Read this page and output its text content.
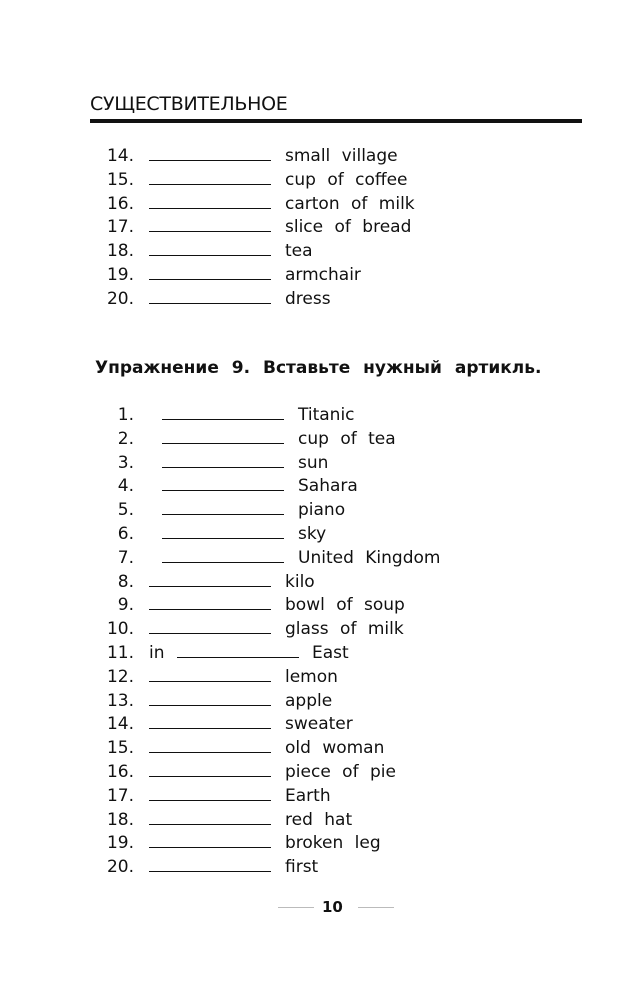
СУЩЕСТВИТЕЛЬНОЕ
14.	small village
15.	cup of coffee
16.	carton of milk
17.	slice of bread
18.	tea
19.	armchair
20.	dress
Упражнение 9. Вставьте нужный артикль.
1.	Titanic
2.	cup of tea
3.	sun
4.	Sahara
5.	piano
6.	sky
7.	United Kingdom
8.	kilo
9.	bowl of soup
10.	glass of milk
11. in	East
12.	lemon
13.	apple
14.	sweater
15.	old woman
16.	piece of pie
17.	Earth
18.	red hat
19.	broken leg
20.	first
10
